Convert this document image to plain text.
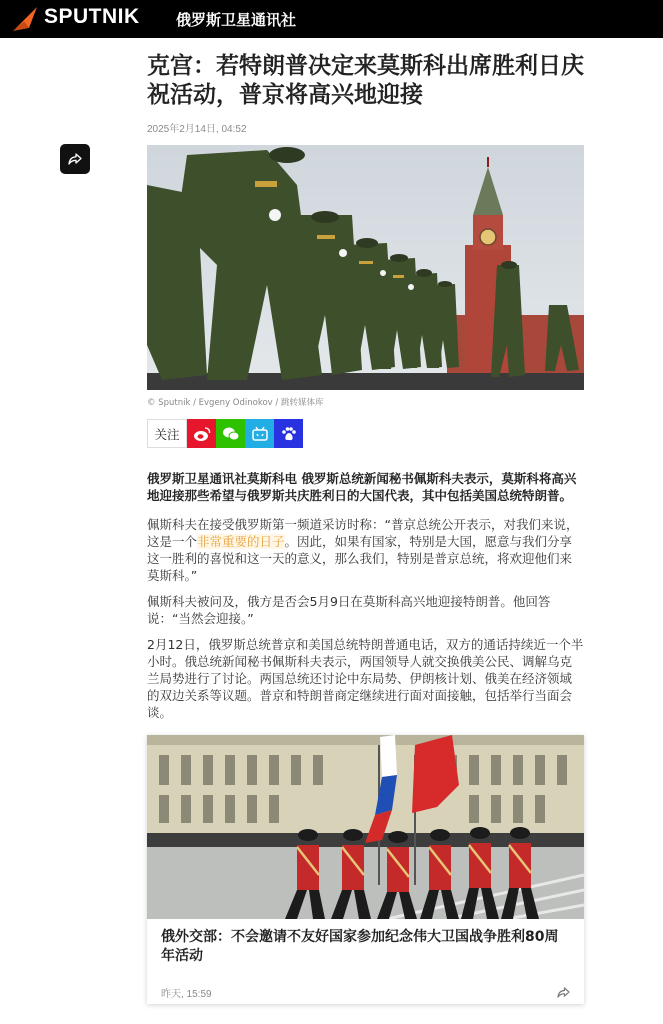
SPUTNIK 俄罗斯卫星通讯社
克宫：若特朗普决定来莫斯科出席胜利日庆祝活动，普京将高兴地迎接
2025年2月14日, 04:52
© Sputnik / Evgeny Odinokov / 跳转媒体库
关注

俄罗斯卫星通讯社莫斯科电 俄罗斯总统新闻秘书佩斯科夫表示，莫斯科将高兴地迎接那些希望与俄罗斯共庆胜利日的大国代表，其中包括美国总统特朗普。

佩斯科夫在接受俄罗斯第一频道采访时称：“普京总统公开表示，对我们来说，这是一个非常重要的日子。因此，如果有国家，特别是大国，愿意与我们分享这一胜利的喜悦和这一天的意义，那么我们，特别是普京总统，将欢迎他们来莫斯科。”

佩斯科夫被问及，俄方是否会5月9日在莫斯科高兴地迎接特朗普。他回答说：“当然会迎接。”

2月12日，俄罗斯总统普京和美国总统特朗普通电话，双方的通话持续近一个半小时。俄总统新闻秘书佩斯科夫表示，两国领导人就交换俄美公民、调解乌克兰局势进行了讨论。两国总统还讨论中东局势、伊朗核计划、俄美在经济领域的双边关系等议题。普京和特朗普商定继续进行面对面接触，包括举行当面会谈。

俄外交部：不会邀请不友好国家参加纪念伟大卫国战争胜利80周年活动
昨天, 15:59
